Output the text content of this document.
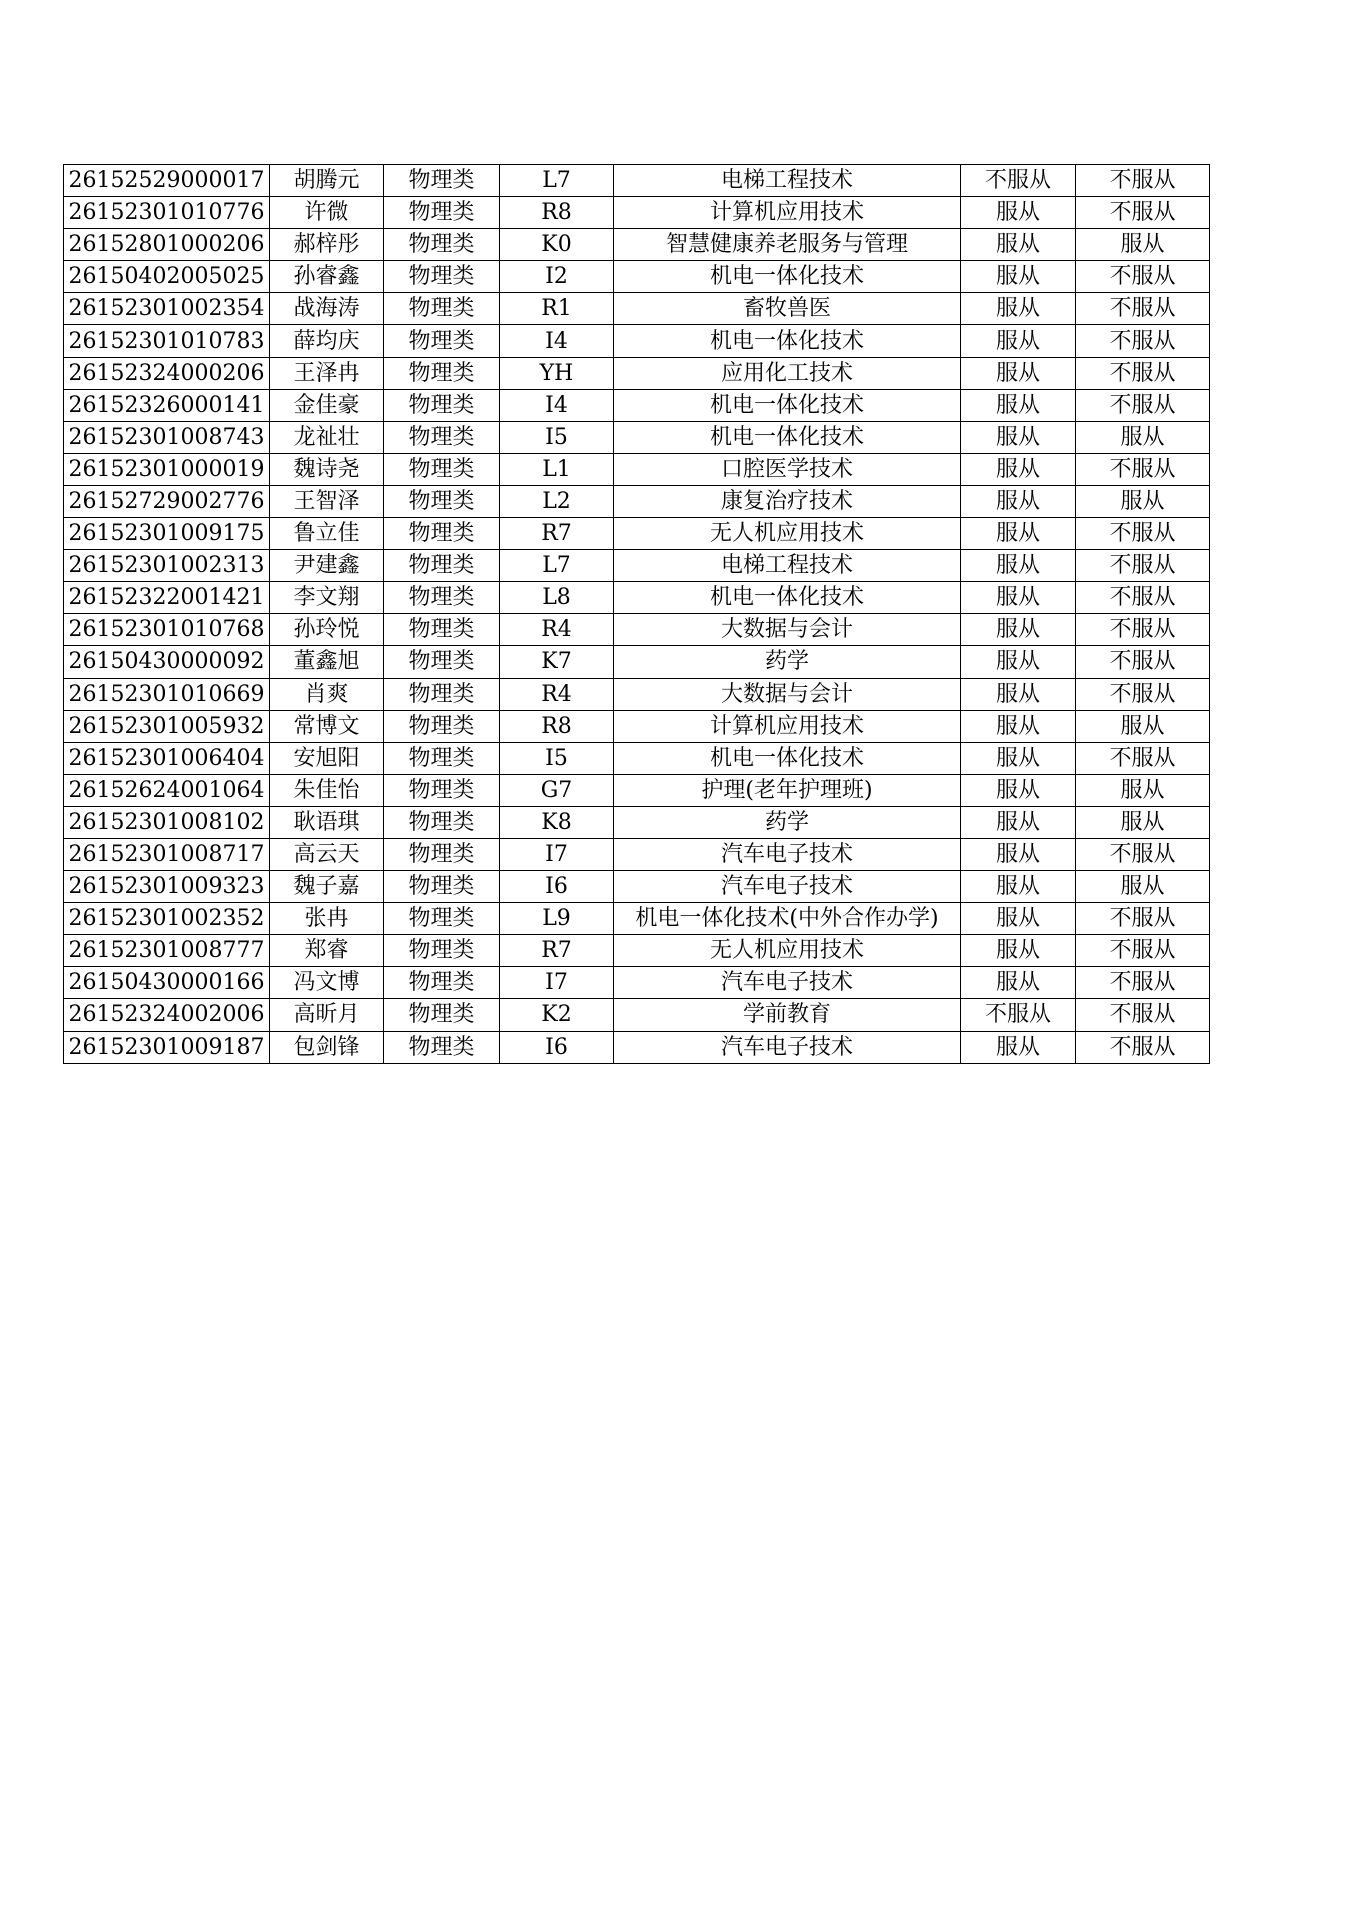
26152529000017	胡腾元	物理类	L7	电梯工程技术	不服从	不服从
26152301010776	许微	物理类	R8	计算机应用技术	服从	不服从
26152801000206	郝梓彤	物理类	K0	智慧健康养老服务与管理	服从	服从
26150402005025	孙睿鑫	物理类	I2	机电一体化技术	服从	不服从
26152301002354	战海涛	物理类	R1	畜牧兽医	服从	不服从
26152301010783	薛均庆	物理类	I4	机电一体化技术	服从	不服从
26152324000206	王泽冉	物理类	YH	应用化工技术	服从	不服从
26152326000141	金佳豪	物理类	I4	机电一体化技术	服从	不服从
26152301008743	龙祉壮	物理类	I5	机电一体化技术	服从	服从
26152301000019	魏诗尧	物理类	L1	口腔医学技术	服从	不服从
26152729002776	王智泽	物理类	L2	康复治疗技术	服从	服从
26152301009175	鲁立佳	物理类	R7	无人机应用技术	服从	不服从
26152301002313	尹建鑫	物理类	L7	电梯工程技术	服从	不服从
26152322001421	李文翔	物理类	L8	机电一体化技术	服从	不服从
26152301010768	孙玲悦	物理类	R4	大数据与会计	服从	不服从
26150430000092	董鑫旭	物理类	K7	药学	服从	不服从
26152301010669	肖爽	物理类	R4	大数据与会计	服从	不服从
26152301005932	常博文	物理类	R8	计算机应用技术	服从	服从
26152301006404	安旭阳	物理类	I5	机电一体化技术	服从	不服从
26152624001064	朱佳怡	物理类	G7	护理(老年护理班)	服从	服从
26152301008102	耿语琪	物理类	K8	药学	服从	服从
26152301008717	高云天	物理类	I7	汽车电子技术	服从	不服从
26152301009323	魏子嘉	物理类	I6	汽车电子技术	服从	服从
26152301002352	张冉	物理类	L9	机电一体化技术(中外合作办学)	服从	不服从
26152301008777	郑睿	物理类	R7	无人机应用技术	服从	不服从
26150430000166	冯文博	物理类	I7	汽车电子技术	服从	不服从
26152324002006	高昕月	物理类	K2	学前教育	不服从	不服从
26152301009187	包剑锋	物理类	I6	汽车电子技术	服从	不服从
